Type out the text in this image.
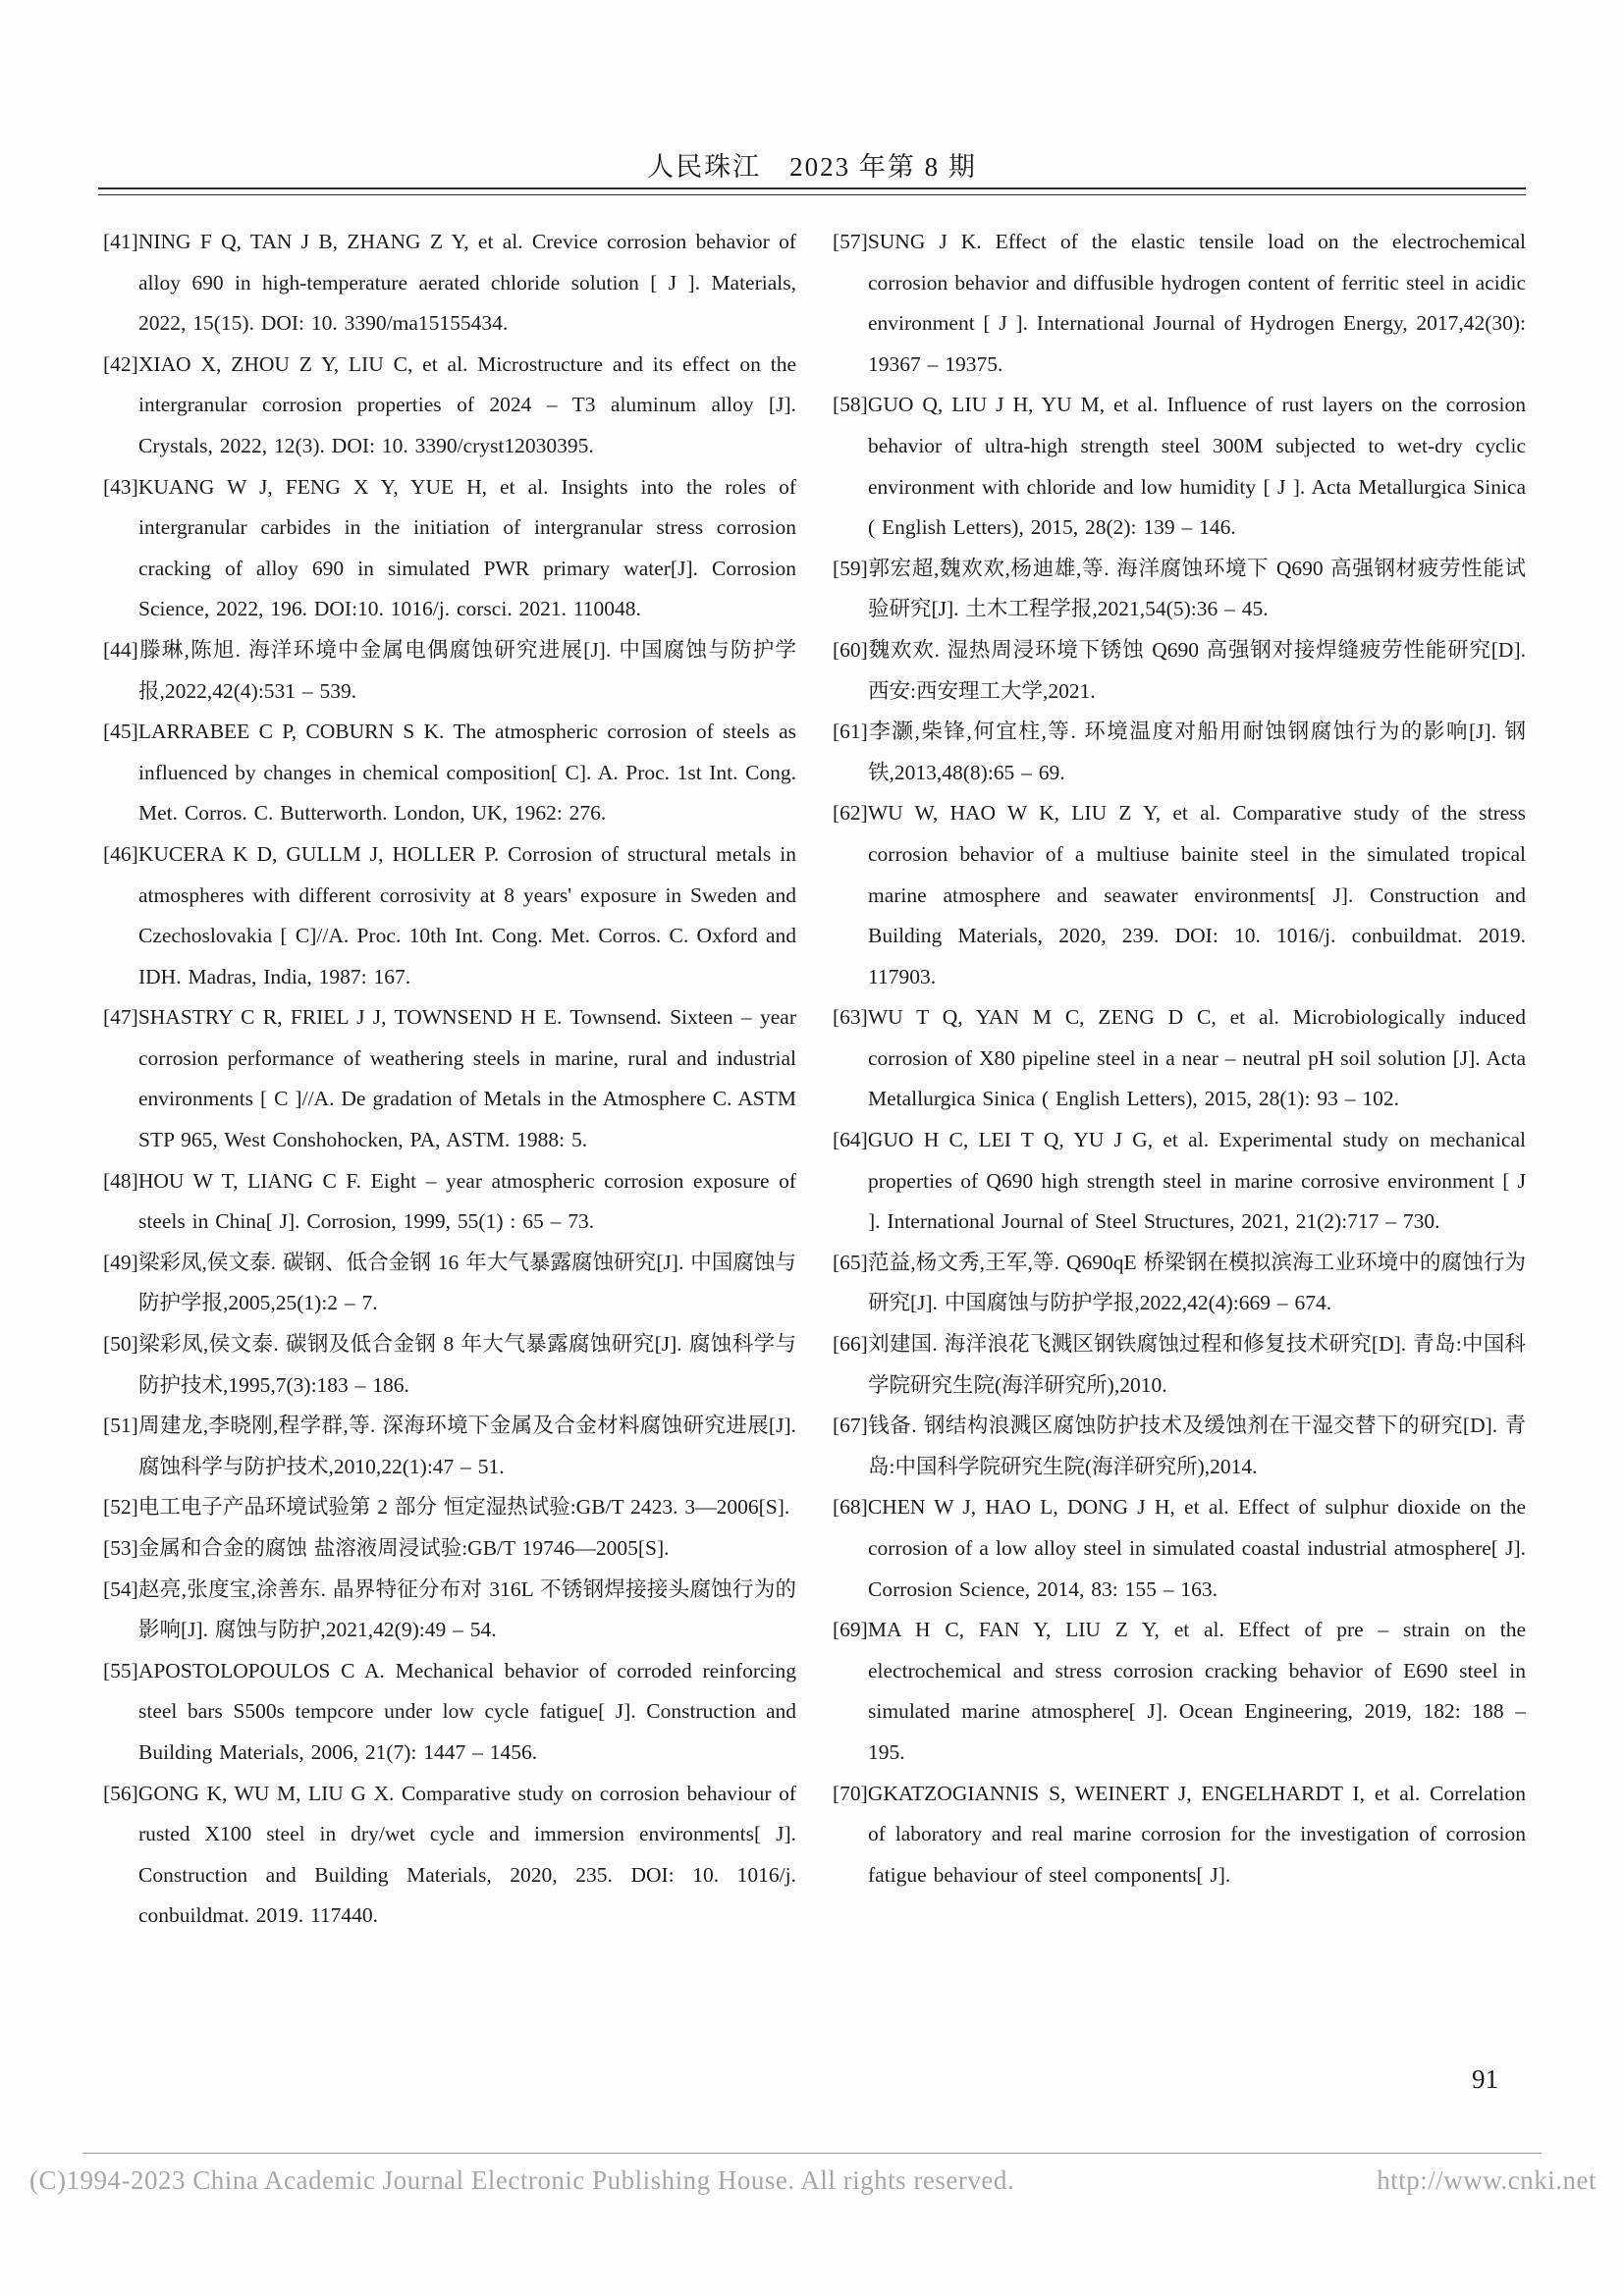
人民珠江　2023 年第 8 期
[41]NING F Q, TAN J B, ZHANG Z Y, et al. Crevice corrosion behavior of alloy 690 in high-temperature aerated chloride solution [ J ]. Materials, 2022, 15(15). DOI: 10. 3390/ma15155434.
[42]XIAO X, ZHOU Z Y, LIU C, et al. Microstructure and its effect on the intergranular corrosion properties of 2024 – T3 aluminum alloy [J]. Crystals, 2022, 12(3). DOI: 10. 3390/cryst12030395.
[43]KUANG W J, FENG X Y, YUE H, et al. Insights into the roles of intergranular carbides in the initiation of intergranular stress corrosion cracking of alloy 690 in simulated PWR primary water[J]. Corrosion Science, 2022, 196. DOI:10. 1016/j. corsci. 2021. 110048.
[44]滕琳,陈旭. 海洋环境中金属电偶腐蚀研究进展[J]. 中国腐蚀与防护学报,2022,42(4):531 – 539.
[45]LARRABEE C P, COBURN S K. The atmospheric corrosion of steels as influenced by changes in chemical composition[ C]. A. Proc. 1st Int. Cong. Met. Corros. C. Butterworth. London, UK, 1962: 276.
[46]KUCERA K D, GULLM J, HOLLER P. Corrosion of structural metals in atmospheres with different corrosivity at 8 years' exposure in Sweden and Czechoslovakia [ C]//A. Proc. 10th Int. Cong. Met. Corros. C. Oxford and IDH. Madras, India, 1987: 167.
[47]SHASTRY C R, FRIEL J J, TOWNSEND H E. Townsend. Sixteen – year corrosion performance of weathering steels in marine, rural and industrial environments [ C ]//A. De gradation of Metals in the Atmosphere C. ASTM STP 965, West Conshohocken, PA, ASTM. 1988: 5.
[48]HOU W T, LIANG C F. Eight – year atmospheric corrosion exposure of steels in China[ J]. Corrosion, 1999, 55(1) : 65 – 73.
[49]梁彩凤,侯文泰. 碳钢、低合金钢 16 年大气暴露腐蚀研究[J]. 中国腐蚀与防护学报,2005,25(1):2 – 7.
[50]梁彩凤,侯文泰. 碳钢及低合金钢 8 年大气暴露腐蚀研究[J]. 腐蚀科学与防护技术,1995,7(3):183 – 186.
[51]周建龙,李晓刚,程学群,等. 深海环境下金属及合金材料腐蚀研究进展[J]. 腐蚀科学与防护技术,2010,22(1):47 – 51.
[52]电工电子产品环境试验第 2 部分 恒定湿热试验:GB/T 2423. 3—2006[S].
[53]金属和合金的腐蚀 盐溶液周浸试验:GB/T 19746—2005[S].
[54]赵亮,张度宝,涂善东. 晶界特征分布对 316L 不锈钢焊接接头腐蚀行为的影响[J]. 腐蚀与防护,2021,42(9):49 – 54.
[55]APOSTOLOPOULOS C A. Mechanical behavior of corroded reinforcing steel bars S500s tempcore under low cycle fatigue[ J]. Construction and Building Materials, 2006, 21(7): 1447 – 1456.
[56]GONG K, WU M, LIU G X. Comparative study on corrosion behaviour of rusted X100 steel in dry/wet cycle and immersion environments[ J]. Construction and Building Materials, 2020, 235. DOI: 10. 1016/j. conbuildmat. 2019. 117440.
[57]SUNG J K. Effect of the elastic tensile load on the electrochemical corrosion behavior and diffusible hydrogen content of ferritic steel in acidic environment [ J ]. International Journal of Hydrogen Energy, 2017,42(30): 19367 – 19375.
[58]GUO Q, LIU J H, YU M, et al. Influence of rust layers on the corrosion behavior of ultra-high strength steel 300M subjected to wet-dry cyclic environment with chloride and low humidity [ J ]. Acta Metallurgica Sinica ( English Letters), 2015, 28(2): 139 – 146.
[59]郭宏超,魏欢欢,杨迪雄,等. 海洋腐蚀环境下 Q690 高强钢材疲劳性能试验研究[J]. 土木工程学报,2021,54(5):36 – 45.
[60]魏欢欢. 湿热周浸环境下锈蚀 Q690 高强钢对接焊缝疲劳性能研究[D]. 西安:西安理工大学,2021.
[61]李灏,柴锋,何宜柱,等. 环境温度对船用耐蚀钢腐蚀行为的影响[J]. 钢铁,2013,48(8):65 – 69.
[62]WU W, HAO W K, LIU Z Y, et al. Comparative study of the stress corrosion behavior of a multiuse bainite steel in the simulated tropical marine atmosphere and seawater environments[ J]. Construction and Building Materials, 2020, 239. DOI: 10. 1016/j. conbuildmat. 2019. 117903.
[63]WU T Q, YAN M C, ZENG D C, et al. Microbiologically induced corrosion of X80 pipeline steel in a near – neutral pH soil solution [J]. Acta Metallurgica Sinica ( English Letters), 2015, 28(1): 93 – 102.
[64]GUO H C, LEI T Q, YU J G, et al. Experimental study on mechanical properties of Q690 high strength steel in marine corrosive environment [ J ]. International Journal of Steel Structures, 2021, 21(2):717 – 730.
[65]范益,杨文秀,王军,等. Q690qE 桥梁钢在模拟滨海工业环境中的腐蚀行为研究[J]. 中国腐蚀与防护学报,2022,42(4):669 – 674.
[66]刘建国. 海洋浪花飞溅区钢铁腐蚀过程和修复技术研究[D]. 青岛:中国科学院研究生院(海洋研究所),2010.
[67]钱备. 钢结构浪溅区腐蚀防护技术及缓蚀剂在干湿交替下的研究[D]. 青岛:中国科学院研究生院(海洋研究所),2014.
[68]CHEN W J, HAO L, DONG J H, et al. Effect of sulphur dioxide on the corrosion of a low alloy steel in simulated coastal industrial atmosphere[ J]. Corrosion Science, 2014, 83: 155 – 163.
[69]MA H C, FAN Y, LIU Z Y, et al. Effect of pre – strain on the electrochemical and stress corrosion cracking behavior of E690 steel in simulated marine atmosphere[ J]. Ocean Engineering, 2019, 182: 188 – 195.
[70]GKATZOGIANNIS S, WEINERT J, ENGELHARDT I, et al. Correlation of laboratory and real marine corrosion for the investigation of corrosion fatigue behaviour of steel components[ J].
91
(C)1994-2023 China Academic Journal Electronic Publishing House. All rights reserved.	http://www.cnki.net
